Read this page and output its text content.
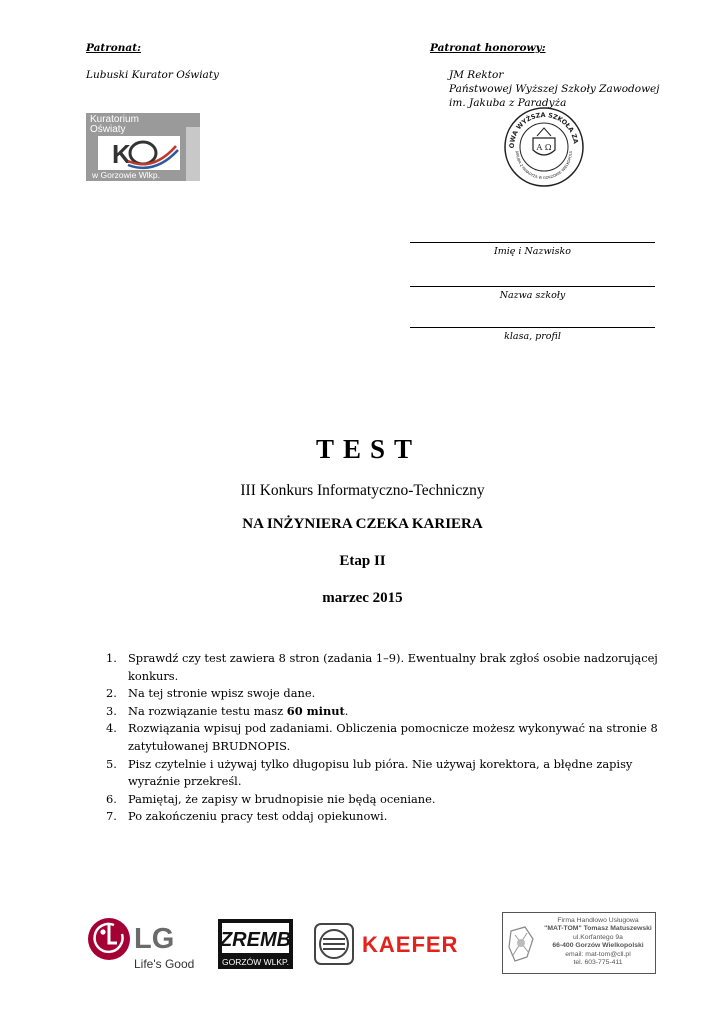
Patronat:
Lubuski Kurator Oświaty
Patronat honorowy:
JM Rektor
Państwowej Wyższej Szkoły Zawodowej
im. Jakuba z Paradyża
Kuratorium
Oświaty
K
w Gorzowie Wlkp.
OWA WYŻSZA SZKOŁA ZA
JAKUBA Z PARADYŻA W GORZOWIE WIELKOPOLS
A Ω
Imię i Nazwisko
Nazwa szkoły
klasa, profil
TEST
III Konkurs Informatyczno-Techniczny
NA INŻYNIERA CZEKA KARIERA
Etap II
marzec 2015
1. Sprawdź czy test zawiera 8 stron (zadania 1–9). Ewentualny brak zgłoś osobie nadzorującej konkurs.
2. Na tej stronie wpisz swoje dane.
3. Na rozwiązanie testu masz 60 minut.
4. Rozwiązania wpisuj pod zadaniami. Obliczenia pomocnicze możesz wykonywać na stronie 8 zatytułowanej BRUDNOPIS.
5. Pisz czytelnie i używaj tylko długopisu lub pióra. Nie używaj korektora, a błędne zapisy wyraźnie przekreśl.
6. Pamiętaj, że zapisy w brudnopisie nie będą oceniane.
7. Po zakończeniu pracy test oddaj opiekunowi.
LG
Life's Good
ZREMB
GORZÓW WLKP.
KAEFER
Firma Handlowo Usługowa
"MAT-TOM" Tomasz Matuszewski
ul.Korfantego 9a
66-400 Gorzów Wielkopolski
email: mat-tom@cll.pl
tel. 603-775-411
